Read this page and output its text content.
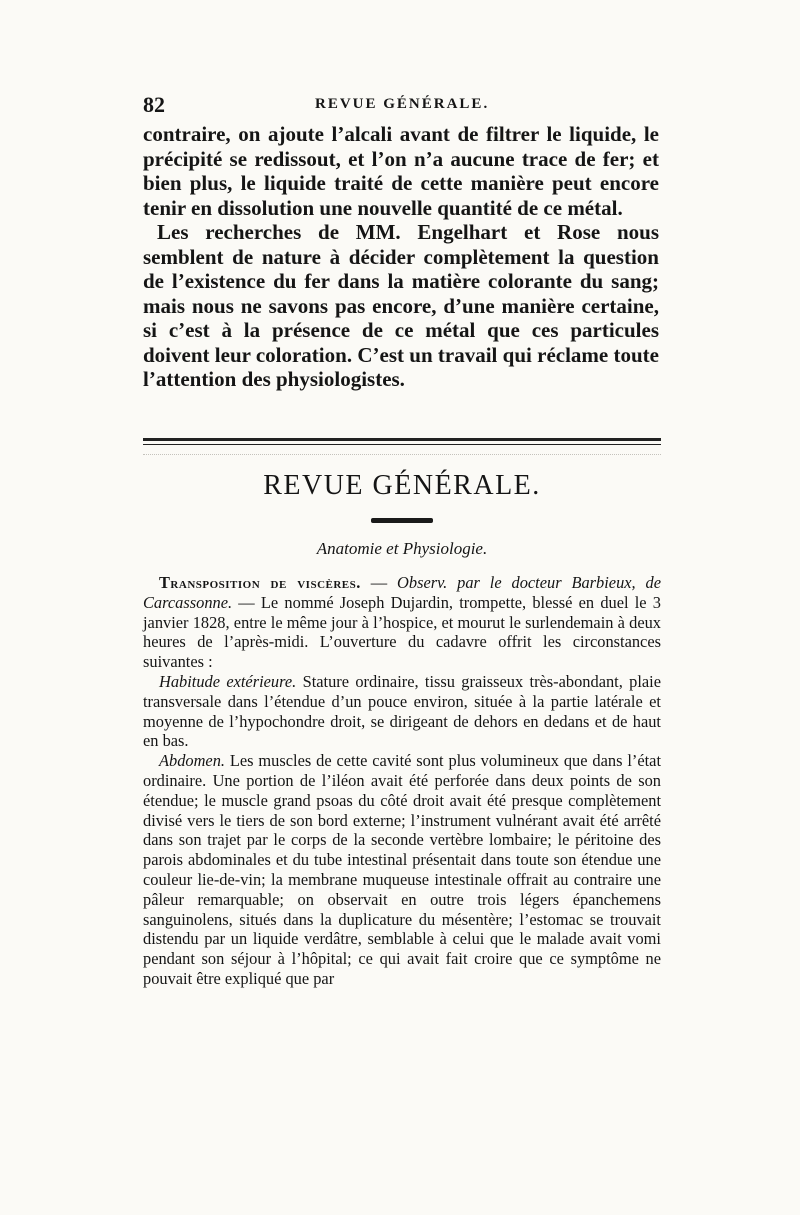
82	REVUE GÉNÉRALE.

contraire, on ajoute l’alcali avant de filtrer le liquide, le précipité se redissout, et l’on n’a aucune trace de fer; et bien plus, le liquide traité de cette manière peut encore tenir en dissolution une nouvelle quantité de ce métal.

Les recherches de MM. Engelhart et Rose nous semblent de nature à décider complètement la question de l’existence du fer dans la matière colorante du sang; mais nous ne savons pas encore, d’une manière certaine, si c’est à la présence de ce métal que ces particules doivent leur coloration. C’est un travail qui réclame toute l’attention des physiologistes.

REVUE GÉNÉRALE.
Anatomie et Physiologie.

Transposition de viscères. — Observ. par le docteur Barbieux, de Carcassonne. — Le nommé Joseph Dujardin, trompette, blessé en duel le 3 janvier 1828, entre le même jour à l’hospice, et mourut le surlendemain à deux heures de l’après-midi. L’ouverture du cadavre offrit les circonstances suivantes :

Habitude extérieure. Stature ordinaire, tissu graisseux très-abondant, plaie transversale dans l’étendue d’un pouce environ, située à la partie latérale et moyenne de l’hypochondre droit, se dirigeant de dehors en dedans et de haut en bas.

Abdomen. Les muscles de cette cavité sont plus volumineux que dans l’état ordinaire. Une portion de l’iléon avait été perforée dans deux points de son étendue; le muscle grand psoas du côté droit avait été presque complètement divisé vers le tiers de son bord externe; l’instrument vulnérant avait été arrêté dans son trajet par le corps de la seconde vertèbre lombaire; le péritoine des parois abdominales et du tube intestinal présentait dans toute son étendue une couleur lie-de-vin; la membrane muqueuse intestinale offrait au contraire une pâleur remarquable; on observait en outre trois légers épanchemens sanguinolens, situés dans la duplicature du mésentère; l’estomac se trouvait distendu par un liquide verdâtre, semblable à celui que le malade avait vomi pendant son séjour à l’hôpital; ce qui avait fait croire que ce symptôme ne pouvait être expliqué que par
